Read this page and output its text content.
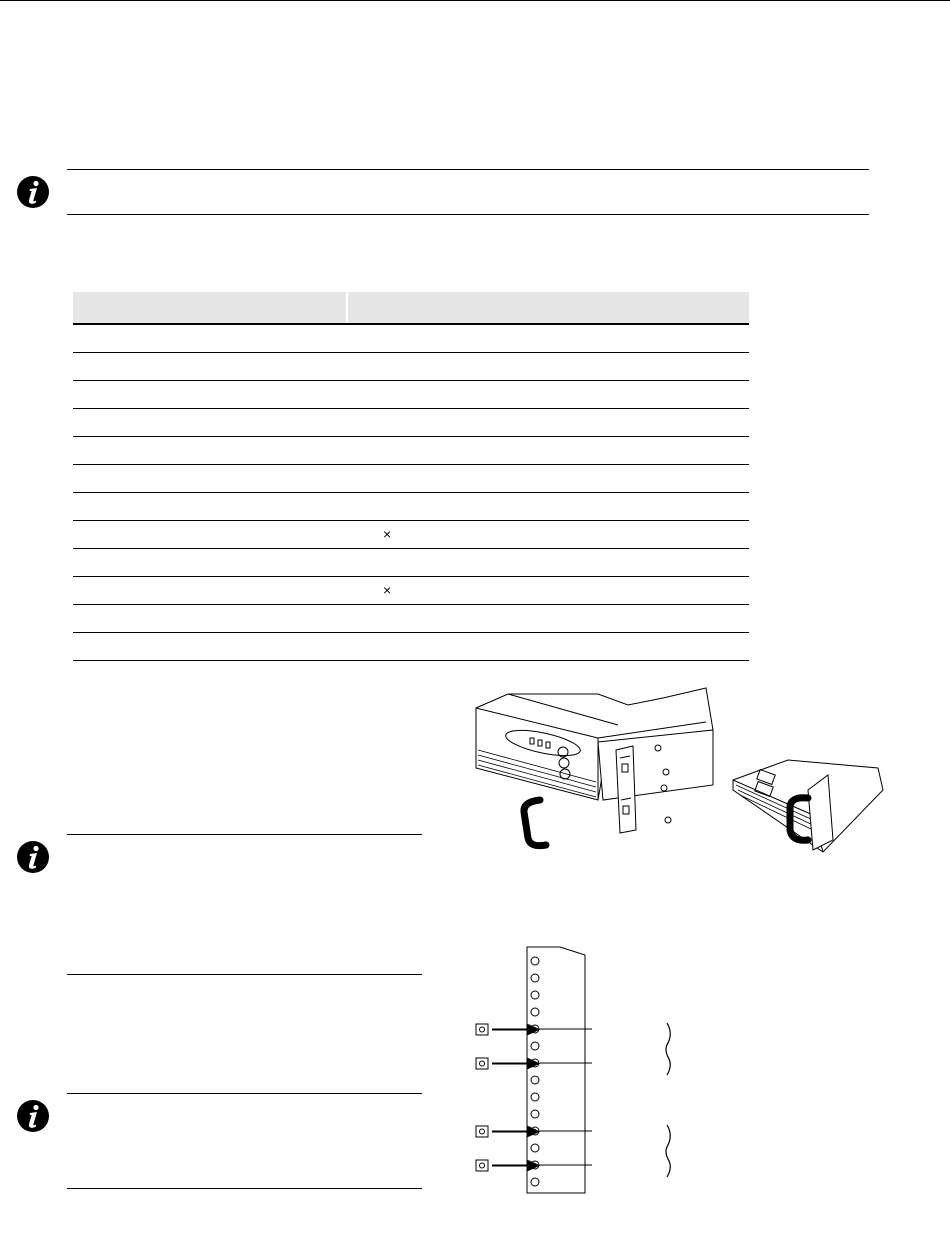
×
×
